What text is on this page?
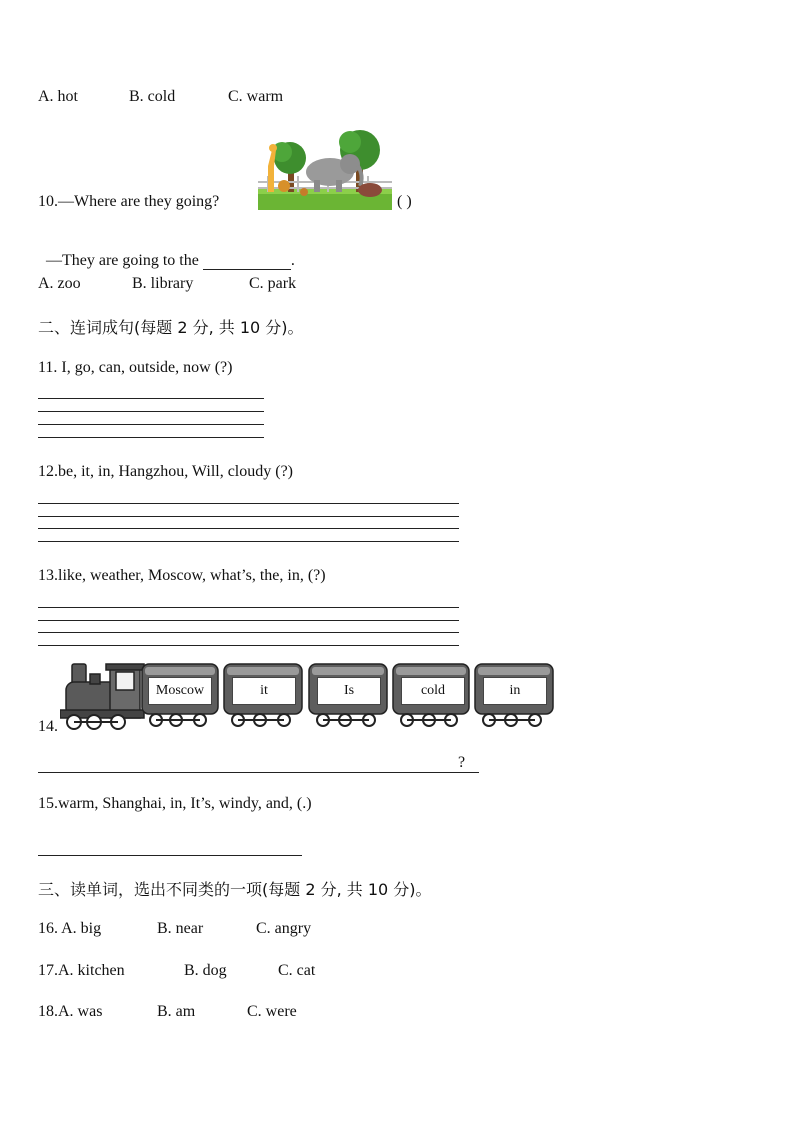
A. hot	B. cold	C. warm
10.—Where are they going?	( )

—They are going to the	.

A. zoo	B. library	C. park
二、连词成句(每题 2 分, 共 10 分)。
11. I, go, can, outside, now (?)
12.be, it, in, Hangzhou, Will, cloudy (?)
13.like, weather, Moscow, what’s, the, in, (?)
14.
Moscow	it	Is	cold	in
?
15.warm, Shanghai, in, It’s, windy, and, (.)
三、读单词，选出不同类的一项(每题 2 分, 共 10 分)。
16. A. big	B. near	C. angry
17.A. kitchen	B. dog	C. cat
18.A. was	B. am	C. were
